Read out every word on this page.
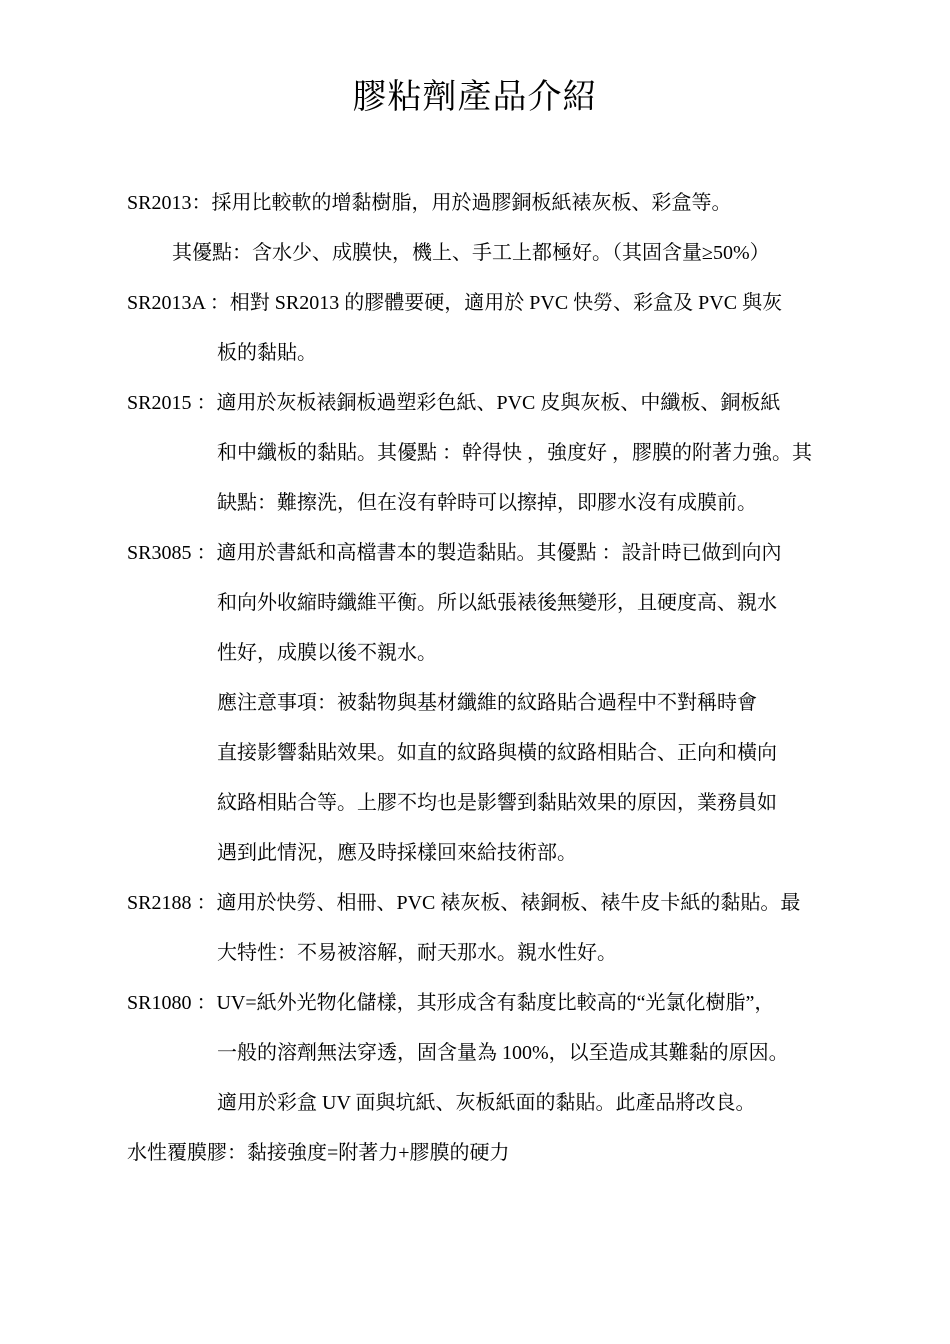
膠粘劑產品介紹
SR2013：採用比較軟的增黏樹脂，用於過膠銅板紙裱灰板、彩盒等。
其優點：含水少、成膜快，機上、手工上都極好。（其固含量≥50%）
SR2013A ：相對 SR2013 的膠體要硬，適用於 PVC 快勞、彩盒及 PVC 與灰
板的黏貼。
SR2015 ：適用於灰板裱銅板過塑彩色紙、PVC 皮與灰板、中纖板、銅板紙
和中纖板的黏貼。其優點 ：幹得快 ，強度好 ，膠膜的附著力強。其
缺點：難擦洗，但在沒有幹時可以擦掉，即膠水沒有成膜前。
SR3085 ：適用於書紙和高檔書本的製造黏貼。其優點 ：設計時已做到向內
和向外收縮時纖維平衡。所以紙張裱後無變形，且硬度高、親水
性好，成膜以後不親水。
應注意事項：被黏物與基材纖維的紋路貼合過程中不對稱時會
直接影響黏貼效果。如直的紋路與橫的紋路相貼合、正向和橫向
紋路相貼合等。上膠不均也是影響到黏貼效果的原因，業務員如
遇到此情況，應及時採樣回來給技術部。
SR2188 ：適用於快勞、相冊、PVC 裱灰板、裱銅板、裱牛皮卡紙的黏貼。最
大特性：不易被溶解，耐天那水。親水性好。
SR1080 ：UV=紙外光物化儲樣，其形成含有黏度比較高的“光氯化樹脂”，
一般的溶劑無法穿透，固含量為 100%，以至造成其難黏的原因。
適用於彩盒 UV 面與坑紙、灰板紙面的黏貼。此產品將改良。
水性覆膜膠：黏接強度=附著力+膠膜的硬力
